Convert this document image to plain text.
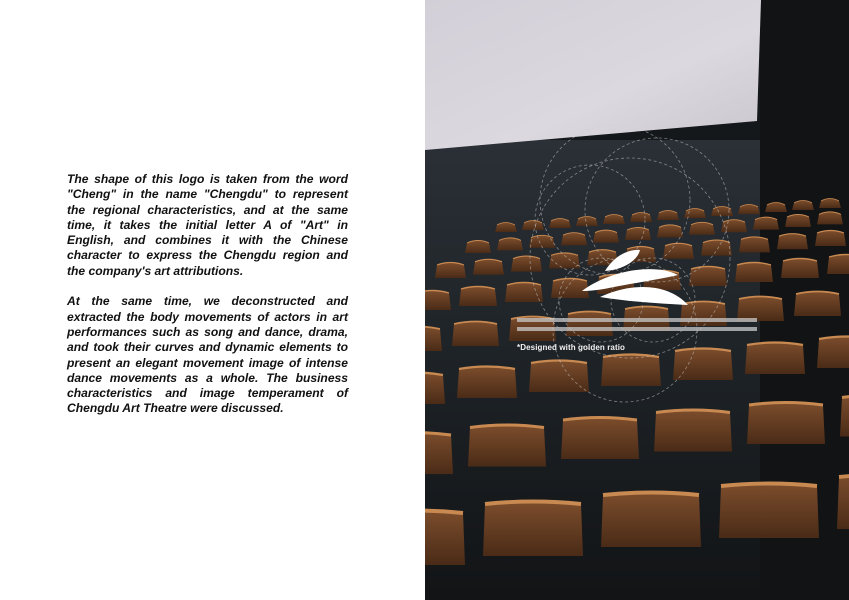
The shape of this logo is taken from the word "Cheng" in the name "Chengdu" to represent the regional characteristics, and at the same time, it takes the initial letter A of "Art" in English, and combines it with the Chinese character to express the Chengdu region and the company's art attributions.

At the same time, we deconstructed and extracted the body movements of actors in art performances such as song and dance, drama, and took their curves and dynamic elements to present an elegant movement image of intense dance movements as a whole. The business characteristics and image temperament of Chengdu Art Theatre were discussed.

*Designed with golden ratio
